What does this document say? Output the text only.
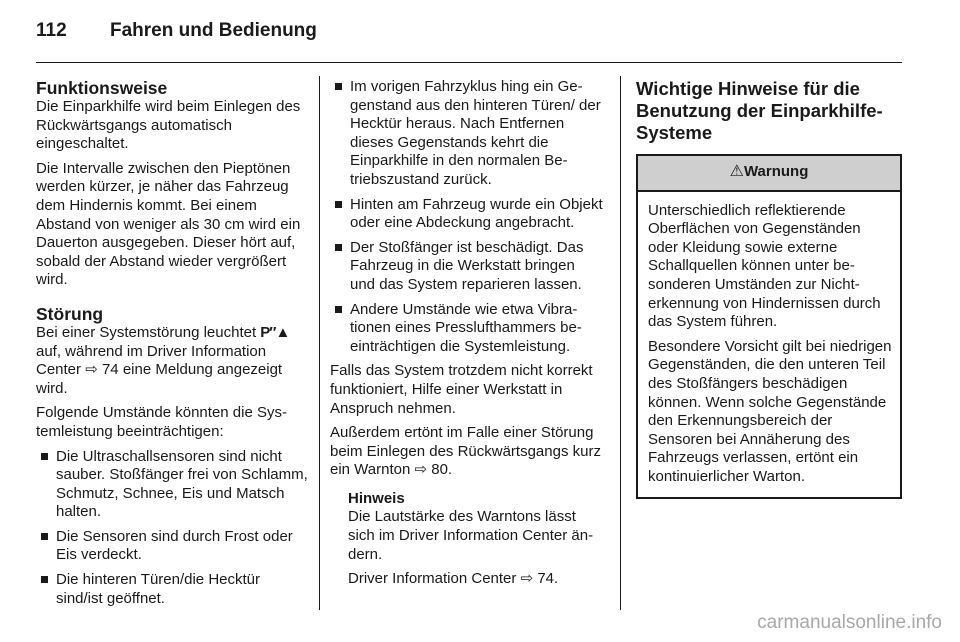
112 Fahren und Bedienung
Funktionsweise

Die Einparkhilfe wird beim Einlegen des Rückwärtsgangs automatisch eingeschaltet.

Die Intervalle zwischen den Pieptönen werden kürzer, je näher das Fahrzeug dem Hindernis kommt. Bei einem Abstand von weniger als 30 cm wird ein Dauerton ausgegeben. Dieser hört auf, sobald der Abstand wieder vergrößert wird.

Störung

Bei einer Systemstörung leuchtet P″▲ auf, während im Driver Information Center ⇨ 74 eine Meldung angezeigt wird.

Folgende Umstände könnten die Systemleistung beeinträchtigen:

Die Ultraschallsensoren sind nicht sauber. Stoßfänger frei von Schlamm, Schmutz, Schnee, Eis und Matsch halten.
Die Sensoren sind durch Frost oder Eis verdeckt.
Die hinteren Türen/die Hecktür sind/ist geöffnet.
Im vorigen Fahrzyklus hing ein Gegenstand aus den hinteren Türen/ der Hecktür heraus. Nach Entfernen dieses Gegenstands kehrt die Einparkhilfe in den normalen Betriebszustand zurück.
Hinten am Fahrzeug wurde ein Objekt oder eine Abdeckung angebracht.
Der Stoßfänger ist beschädigt. Das Fahrzeug in die Werkstatt bringen und das System reparieren lassen.
Andere Umstände wie etwa Vibrationen eines Presslufthammers beeinträchtigen die Systemleistung.

Falls das System trotzdem nicht korrekt funktioniert, Hilfe einer Werkstatt in Anspruch nehmen.

Außerdem ertönt im Falle einer Störung beim Einlegen des Rückwärtsgangs kurz ein Warnton ⇨ 80.

Hinweis

Die Lautstärke des Warntons lässt sich im Driver Information Center ändern.

Driver Information Center ⇨ 74.

Wichtige Hinweise für die Benutzung der Einparkhilfe-Systeme
⚠Warnung

Unterschiedlich reflektierende Oberflächen von Gegenständen oder Kleidung sowie externe Schallquellen können unter besonderen Umständen zur Nichterkennung von Hindernissen durch das System führen.

Besondere Vorsicht gilt bei niedrigen Gegenständen, die den unteren Teil des Stoßfängers beschädigen können. Wenn solche Gegenstände den Erkennungsbereich der Sensoren bei Annäherung des Fahrzeugs verlassen, ertönt ein kontinuierlicher Warton.

carmanualsonline.info
